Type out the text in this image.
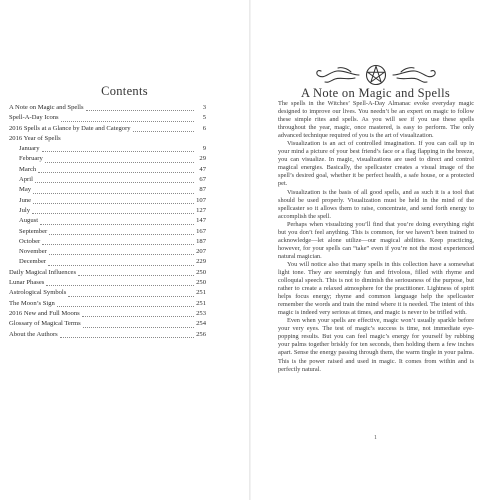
Contents
A Note on Magic and Spells	3
Spell-A-Day Icons	5
2016 Spells at a Glance by Date and Category	6
2016 Year of Spells
January	9
February	29
March	47
April	67
May	87
June	107
July	127
August	147
September	167
October	187
November	207
December	229
Daily Magical Influences	250
Lunar Phases	250
Astrological Symbols	251
The Moon’s Sign	251
2016 New and Full Moons	253
Glossary of Magical Terms	254
About the Authors	256
A Note on Magic and Spells

The spells in the Witches’ Spell-A-Day Almanac evoke everyday magic designed to improve our lives. You needn’t be an expert on magic to follow these simple rites and spells. As you will see if you use these spells throughout the year, magic, once mastered, is easy to perform. The only advanced technique required of you is the art of visualization.

Visualization is an act of controlled imagination. If you can call up in your mind a picture of your best friend’s face or a flag flapping in the breeze, you can visualize. In magic, visualizations are used to direct and control magical energies. Basically, the spellcaster creates a visual image of the spell’s desired goal, whether it be perfect health, a safe house, or a protected pet.

Visualization is the basis of all good spells, and as such it is a tool that should be used properly. Visualization must be held in the mind of the spellcaster so it allows them to raise, concentrate, and send forth energy to accomplish the spell.

Perhaps when visualizing you’ll find that you’re doing everything right but you don’t feel anything. This is common, for we haven’t been trained to acknowledge—let alone utilize—our magical abilities. Keep practicing, however, for your spells can “take” even if you’re not the most experienced natural magician.

You will notice also that many spells in this collection have a somewhat light tone. They are seemingly fun and frivolous, filled with rhyme and colloquial speech. This is not to diminish the seriousness of the purpose, but rather to create a relaxed atmosphere for the practitioner. Lightness of spirit helps focus energy; rhyme and common language help the spellcaster remember the words and train the mind where it is needed. The intent of this magic is indeed very serious at times, and magic is never to be trifled with.

Even when your spells are effective, magic won’t usually sparkle before your very eyes. The test of magic’s success is time, not immediate eye-popping results. But you can feel magic’s energy for yourself by rubbing your palms together briskly for ten seconds, then holding them a few inches apart. Sense the energy passing through them, the warm tingle in your palms. This is the power raised and used in magic. It comes from within and is perfectly natural.

1
